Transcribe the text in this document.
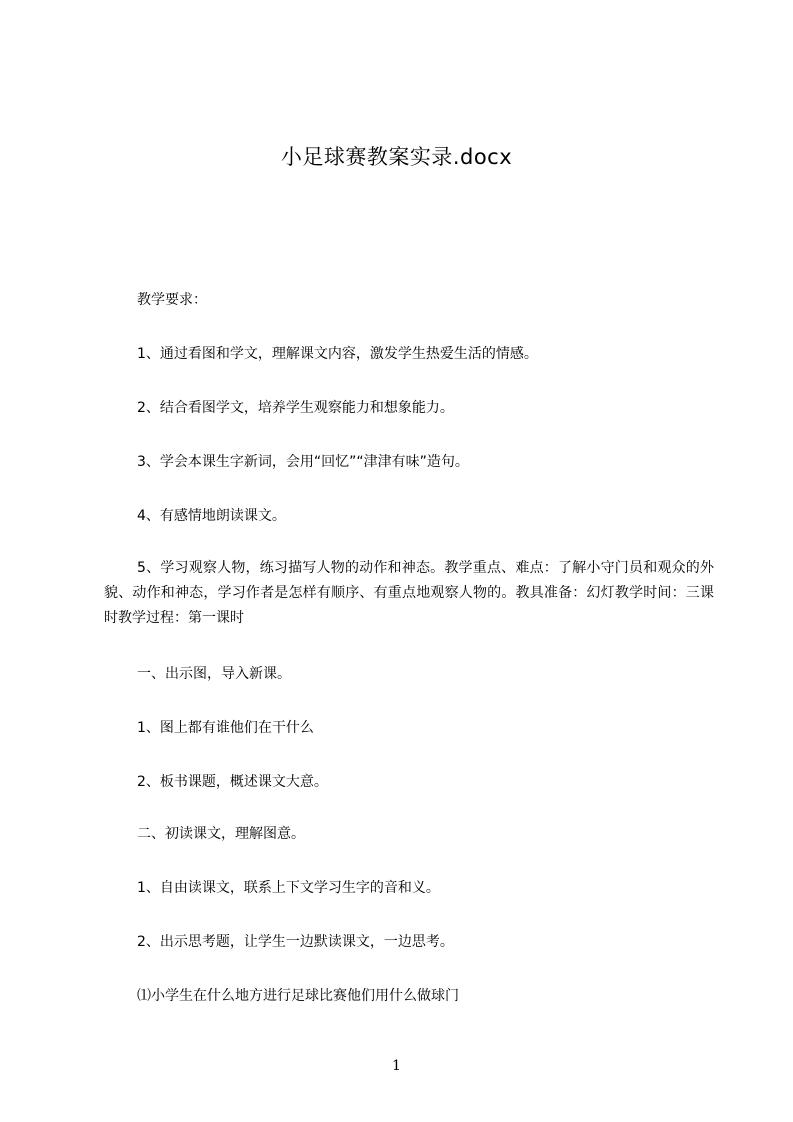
小足球赛教案实录.docx
教学要求：
1、通过看图和学文，理解课文内容，激发学生热爱生活的情感。
2、结合看图学文，培养学生观察能力和想象能力。
3、学会本课生字新词，会用“回忆”“津津有味”造句。
4、有感情地朗读课文。
5、学习观察人物，练习描写人物的动作和神态。教学重点、难点：了解小守门员和观众的外貌、动作和神态，学习作者是怎样有顺序、有重点地观察人物的。教具准备：幻灯教学时间：三课时教学过程：第一课时
一、出示图，导入新课。
1、图上都有谁他们在干什么
2、板书课题，概述课文大意。
二、初读课文，理解图意。
1、自由读课文，联系上下文学习生字的音和义。
2、出示思考题，让学生一边默读课文，一边思考。
⑴小学生在什么地方进行足球比赛他们用什么做球门
1
